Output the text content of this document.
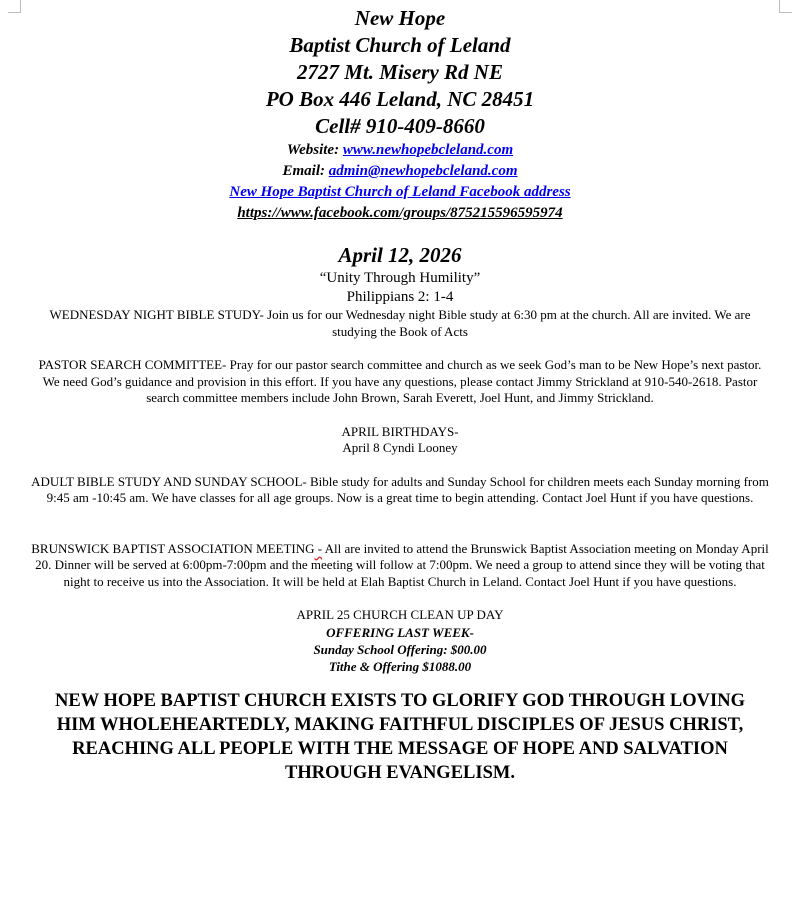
New Hope
Baptist Church of Leland
2727 Mt. Misery Rd NE
PO Box 446 Leland, NC 28451
Cell# 910-409-8660
Website: www.newhopebcleland.com
Email: admin@newhopebcleland.com
New Hope Baptist Church of Leland Facebook address
https://www.facebook.com/groups/875215596595974
April 12, 2026
“Unity Through Humility”
Philippians 2: 1-4
WEDNESDAY NIGHT BIBLE STUDY- Join us for our Wednesday night Bible study at 6:30 pm at the church. All are invited. We are studying the Book of Acts
PASTOR SEARCH COMMITTEE- Pray for our pastor search committee and church as we seek God’s man to be New Hope’s next pastor. We need God’s guidance and provision in this effort. If you have any questions, please contact Jimmy Strickland at 910-540-2618. Pastor search committee members include John Brown, Sarah Everett, Joel Hunt, and Jimmy Strickland.
APRIL BIRTHDAYS-
April 8 Cyndi Looney
ADULT BIBLE STUDY AND SUNDAY SCHOOL- Bible study for adults and Sunday School for children meets each Sunday morning from 9:45 am -10:45 am. We have classes for all age groups. Now is a great time to begin attending. Contact Joel Hunt if you have questions.
BRUNSWICK BAPTIST ASSOCIATION MEETING - All are invited to attend the Brunswick Baptist Association meeting on Monday April 20. Dinner will be served at 6:00pm-7:00pm and the meeting will follow at 7:00pm. We need a group to attend since they will be voting that night to receive us into the Association. It will be held at Elah Baptist Church in Leland. Contact Joel Hunt if you have questions.
APRIL 25 CHURCH CLEAN UP DAY
OFFERING LAST WEEK-
Sunday School Offering: $00.00
Tithe & Offering $1088.00
NEW HOPE BAPTIST CHURCH EXISTS TO GLORIFY GOD THROUGH LOVING HIM WHOLEHEARTEDLY, MAKING FAITHFUL DISCIPLES OF JESUS CHRIST, REACHING ALL PEOPLE WITH THE MESSAGE OF HOPE AND SALVATION THROUGH EVANGELISM.
